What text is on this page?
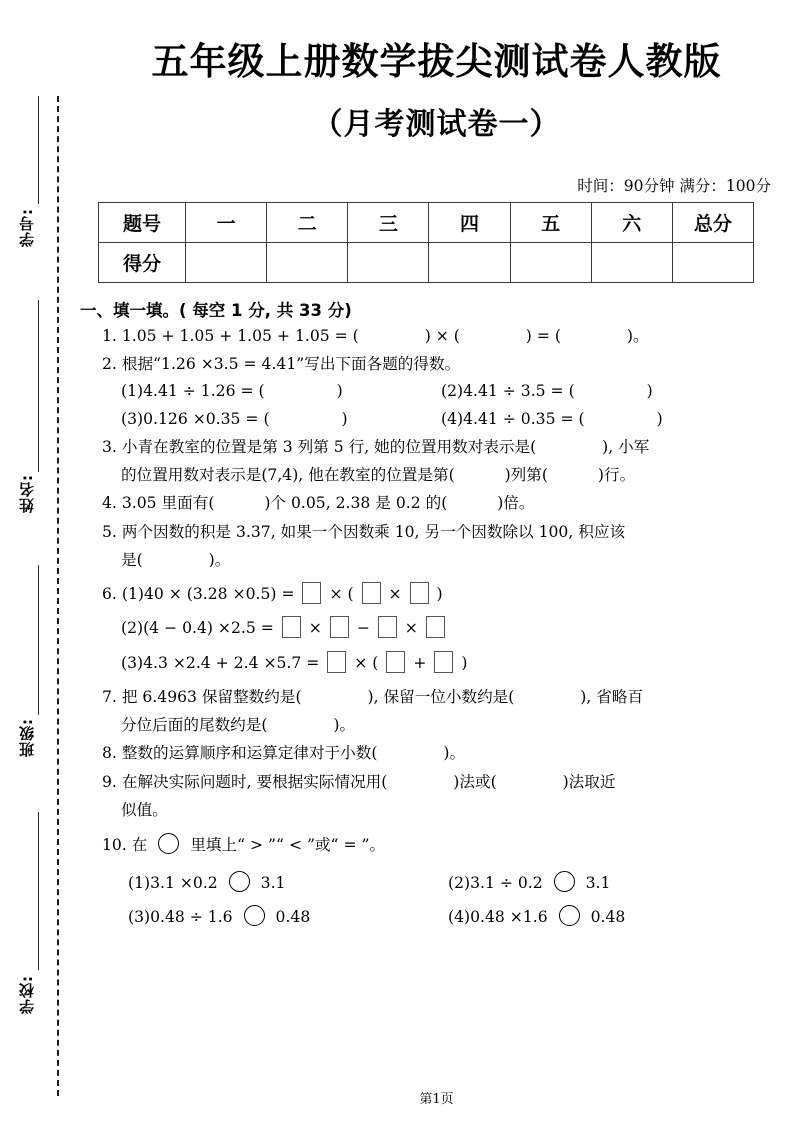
学号:
姓名:
班级:
学校:
五年级上册数学拔尖测试卷人教版
（月考测试卷一）

时间：90分钟 满分：100分

题号	一	二	三	四	五	六	总分
得分							
一、填一填。( 每空 1 分, 共 33 分)
1. 1.05 + 1.05 + 1.05 + 1.05 = (	) × (	) = (	)。
2. 根据“1.26 ×3.5 = 4.41”写出下面各题的得数。
(1)4.41 ÷ 1.26 = (	)	(2)4.41 ÷ 3.5 = (	)
(3)0.126 ×0.35 = (	)	(4)4.41 ÷ 0.35 = (	)
3. 小青在教室的位置是第 3 列第 5 行, 她的位置用数对表示是(	), 小军
的位置用数对表示是(7,4), 他在教室的位置是第(	)列第(	)行。
4. 3.05 里面有(	)个 0.05, 2.38 是 0.2 的(	)倍。
5. 两个因数的积是 3.37, 如果一个因数乘 10, 另一个因数除以 100, 积应该
是(	)。
6. (1)40 × (3.28 ×0.5) = × ( × )
(2)(4 − 0.4) ×2.5 = × − ×
(3)4.3 ×2.4 + 2.4 ×5.7 = × ( + )
7. 把 6.4963 保留整数约是(	), 保留一位小数约是(	), 省略百
分位后面的尾数约是(	)。
8. 整数的运算顺序和运算定律对于小数(	)。
9. 在解决实际问题时, 要根据实际情况用(	)法或(	)法取近
似值。
10. 在	里填上“ > ”“ < ”或“ = ”。
(1)3.1 ×0.2	3.1	(2)3.1 ÷ 0.2	3.1
(3)0.48 ÷ 1.6	0.48	(4)0.48 ×1.6	0.48
第1页
